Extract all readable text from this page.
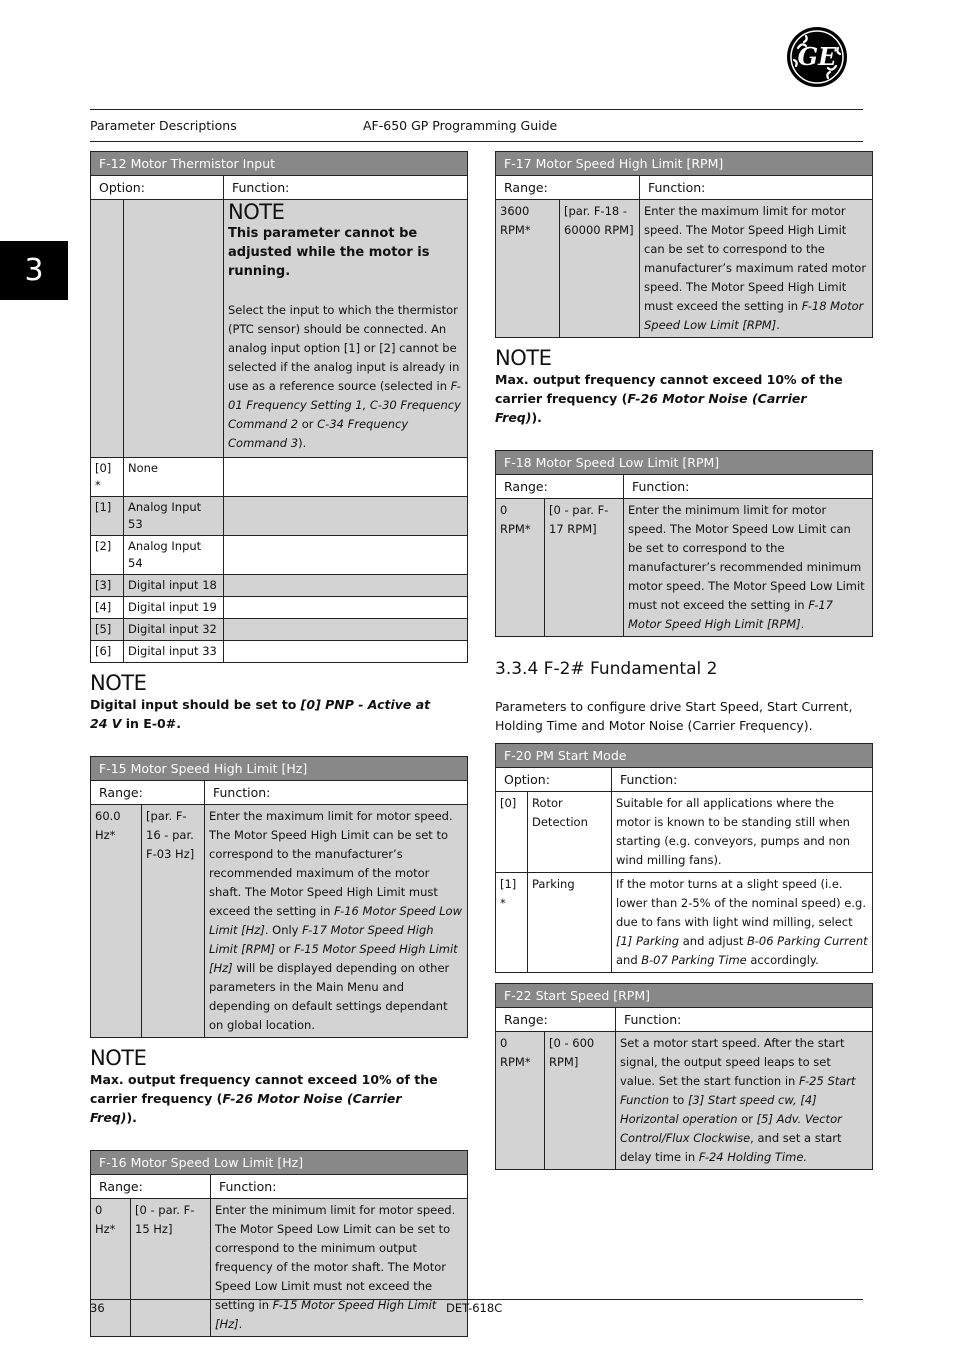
GE
Parameter Descriptions	AF-650 GP Programming Guide
3
F-12 Motor Thermistor Input		
Option:		Function:

		NOTE
This parameter cannot be adjusted while the motor is running.
Select the input to which the thermistor (PTC sensor) should be connected. An analog input option [1] or [2] cannot be selected if the analog input is already in use as a reference source (selected in F-01 Frequency Setting 1, C-30 Frequency Command 2 or C-34 Frequency Command 3).

[0] *	None	
[1]	Analog Input 53	
[2]	Analog Input 54	
[3]	Digital input 18	
[4]	Digital input 19	
[5]	Digital input 32	
[6]	Digital input 33	
NOTE
Digital input should be set to [0] PNP - Active at 24 V in E-0#.
F-15 Motor Speed High Limit [Hz]		
Range:		Function:
60.0 Hz*	[par. F-16 - par. F-03 Hz]	Enter the maximum limit for motor speed. The Motor Speed High Limit can be set to correspond to the manufacturer’s recommended maximum of the motor shaft. The Motor Speed High Limit must exceed the setting in F-16 Motor Speed Low Limit [Hz]. Only F-17 Motor Speed High Limit [RPM] or F-15 Motor Speed High Limit [Hz] will be displayed depending on other parameters in the Main Menu and depending on default settings dependant on global location.
NOTE
Max. output frequency cannot exceed 10% of the carrier frequency (F-26 Motor Noise (Carrier Freq)).
F-16 Motor Speed Low Limit [Hz]		
Range:		Function:
0 Hz*	[0 - par. F-15 Hz]	Enter the minimum limit for motor speed. The Motor Speed Low Limit can be set to correspond to the minimum output frequency of the motor shaft. The Motor Speed Low Limit must not exceed the setting in F-15 Motor Speed High Limit [Hz].
F-17 Motor Speed High Limit [RPM]		
Range:		Function:
3600 RPM*	[par. F-18 - 60000 RPM]	Enter the maximum limit for motor speed. The Motor Speed High Limit can be set to correspond to the manufacturer’s maximum rated motor speed. The Motor Speed High Limit must exceed the setting in F-18 Motor Speed Low Limit [RPM].
NOTE
Max. output frequency cannot exceed 10% of the carrier frequency (F-26 Motor Noise (Carrier Freq)).
F-18 Motor Speed Low Limit [RPM]		
Range:		Function:
0 RPM*	[0 - par. F-17 RPM]	Enter the minimum limit for motor speed. The Motor Speed Low Limit can be set to correspond to the manufacturer’s recommended minimum motor speed. The Motor Speed Low Limit must not exceed the setting in F-17 Motor Speed High Limit [RPM].
3.3.4 F-2# Fundamental 2
Parameters to configure drive Start Speed, Start Current, Holding Time and Motor Noise (Carrier Frequency).
F-20 PM Start Mode		
Option:		Function:
[0]	Rotor Detection	Suitable for all applications where the motor is known to be standing still when starting (e.g. conveyors, pumps and non wind milling fans).
[1] *	Parking	If the motor turns at a slight speed (i.e. lower than 2-5% of the nominal speed) e.g. due to fans with light wind milling, select [1] Parking and adjust B-06 Parking Current and B-07 Parking Time accordingly.
F-22 Start Speed [RPM]		
Range:		Function:
0 RPM*	[0 - 600 RPM]	Set a motor start speed. After the start signal, the output speed leaps to set value. Set the start function in F-25 Start Function to [3] Start speed cw, [4] Horizontal operation or [5] Adv. Vector Control/Flux Clockwise, and set a start delay time in F-24 Holding Time.
36	DET-618C
